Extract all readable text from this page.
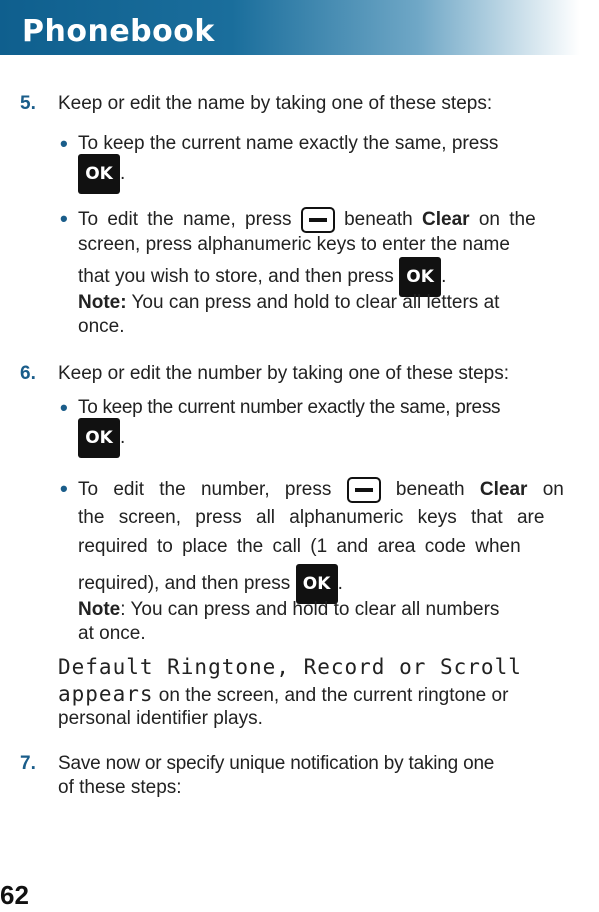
Phonebook
5. Keep or edit the name by taking one of these steps:
• To keep the current name exactly the same, press
OK .
• To edit the name, press	beneath Clear on the
screen, press alphanumeric keys to enter the name
that you wish to store, and then press OK .
Note: You can press and hold to clear all letters at
once.
6. Keep or edit the number by taking one of these steps:
• To keep the current number exactly the same, press
OK .
• To edit the number, press	beneath Clear on
the screen, press all alphanumeric keys that are
required to place the call (1 and area code when
required), and then press OK .
Note: You can press and hold to clear all numbers
at once.
Default Ringtone, Record or Scroll
appears on the screen, and the current ringtone or
personal identifier plays.
7. Save now or specify unique notification by taking one
of these steps:
62
